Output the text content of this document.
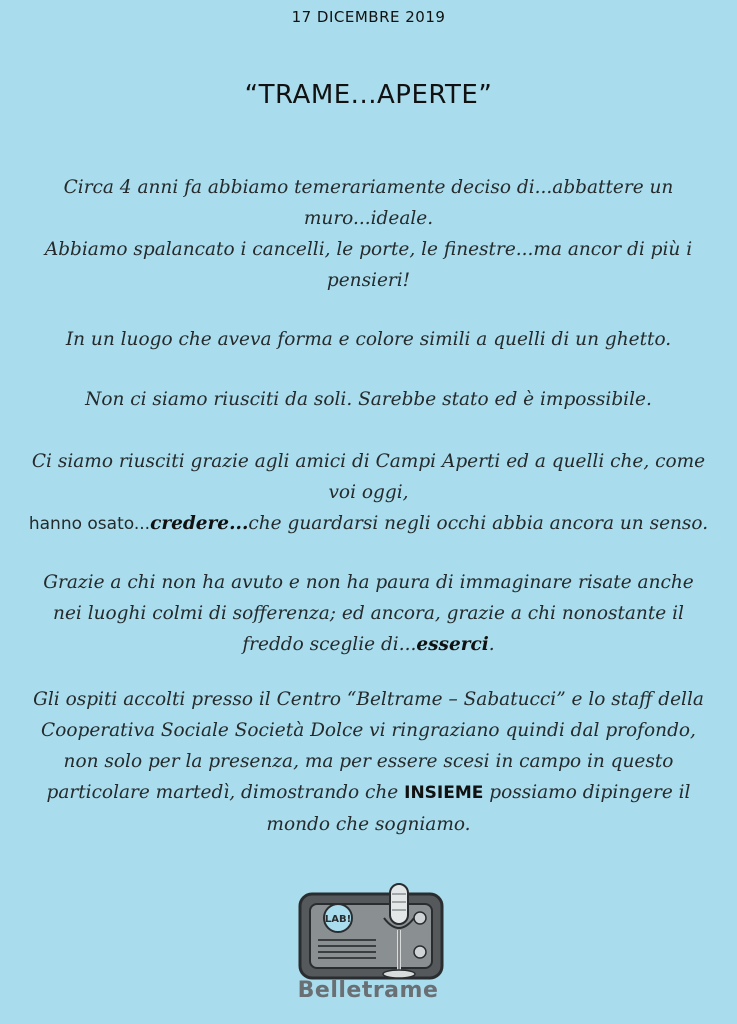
17 DICEMBRE 2019
“TRAME...APERTE”
Circa 4 anni fa abbiamo temerariamente deciso di...abbattere un
muro...ideale.
Abbiamo spalancato i cancelli, le porte, le finestre...ma ancor di più i
pensieri!
In un luogo che aveva forma e colore simili a quelli di un ghetto.
Non ci siamo riusciti da soli. Sarebbe stato ed è impossibile.
Ci siamo riusciti grazie agli amici di Campi Aperti ed a quelli che, come
voi oggi,
hanno osato...credere...che guardarsi negli occhi abbia ancora un senso.
Grazie a chi non ha avuto e non ha paura di immaginare risate anche
nei luoghi colmi di sofferenza; ed ancora, grazie a chi nonostante il
freddo sceglie di...esserci.
Gli ospiti accolti presso il Centro “Beltrame – Sabatucci” e lo staff della
Cooperativa Sociale Società Dolce vi ringraziano quindi dal profondo,
non solo per la presenza, ma per essere scesi in campo in questo
particolare martedì, dimostrando che INSIEME possiamo dipingere il
mondo che sogniamo.
LAB!
Belletrame
